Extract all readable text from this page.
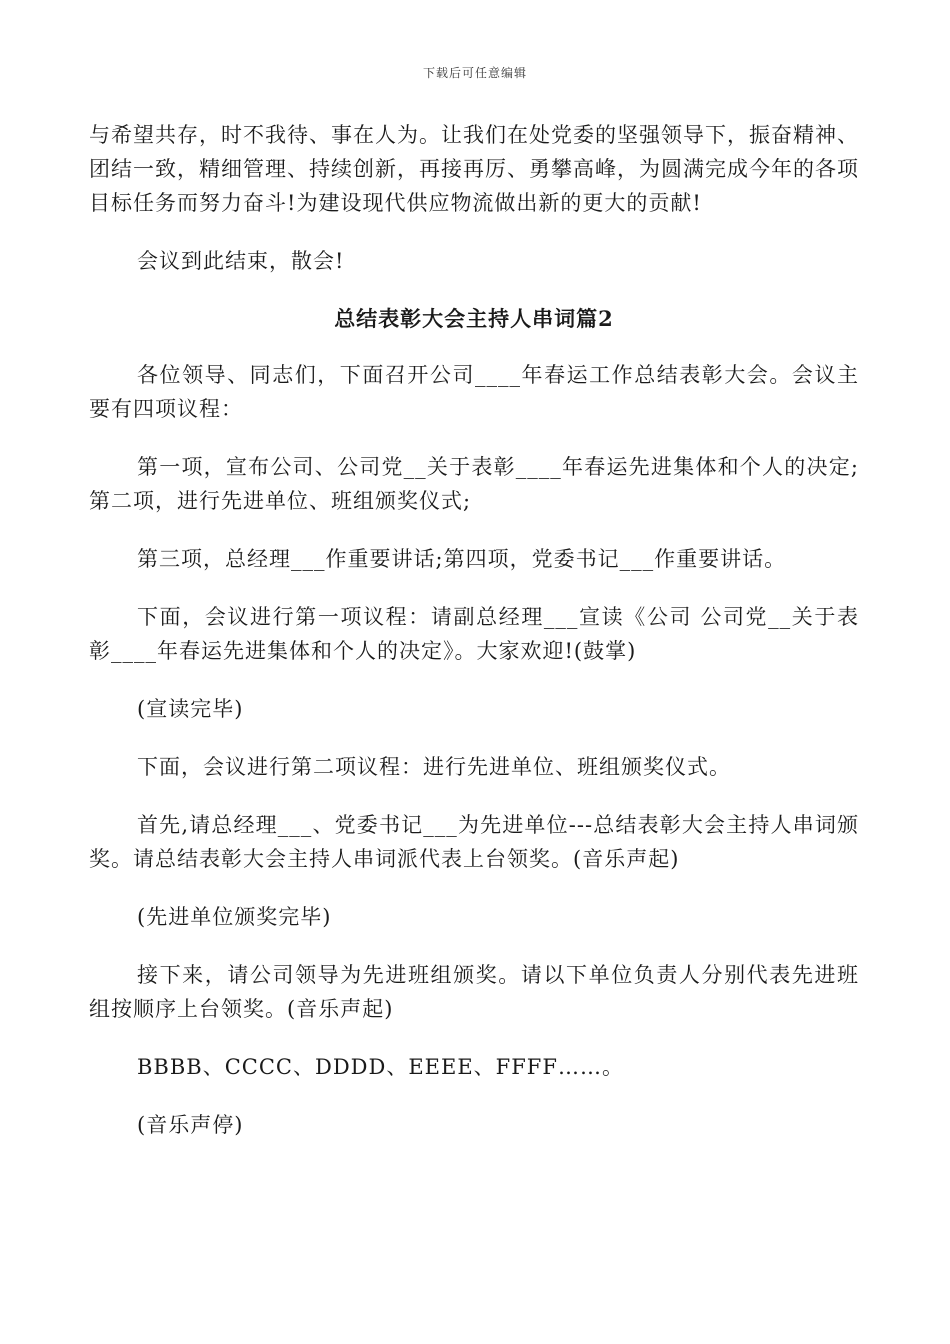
下载后可任意编辑

与希望共存，时不我待、事在人为。让我们在处党委的坚强领导下，振奋精神、团结一致，精细管理、持续创新，再接再厉、勇攀高峰，为圆满完成今年的各项目标任务而努力奋斗!为建设现代供应物流做出新的更大的贡献!

会议到此结束，散会!

总结表彰大会主持人串词篇2

各位领导、同志们，下面召开公司____年春运工作总结表彰大会。会议主要有四项议程：

第一项，宣布公司、公司党__关于表彰____年春运先进集体和个人的决定;第二项，进行先进单位、班组颁奖仪式;

第三项，总经理___作重要讲话;第四项，党委书记___作重要讲话。

下面，会议进行第一项议程：请副总经理___宣读《公司 公司党__关于表彰____年春运先进集体和个人的决定》。大家欢迎!(鼓掌)

(宣读完毕)

下面，会议进行第二项议程：进行先进单位、班组颁奖仪式。

首先,请总经理___、党委书记___为先进单位---总结表彰大会主持人串词颁奖。请总结表彰大会主持人串词派代表上台领奖。(音乐声起)

(先进单位颁奖完毕)

接下来，请公司领导为先进班组颁奖。请以下单位负责人分别代表先进班组按顺序上台领奖。(音乐声起)

BBBB、CCCC、DDDD、EEEE、FFFF……。

(音乐声停)
